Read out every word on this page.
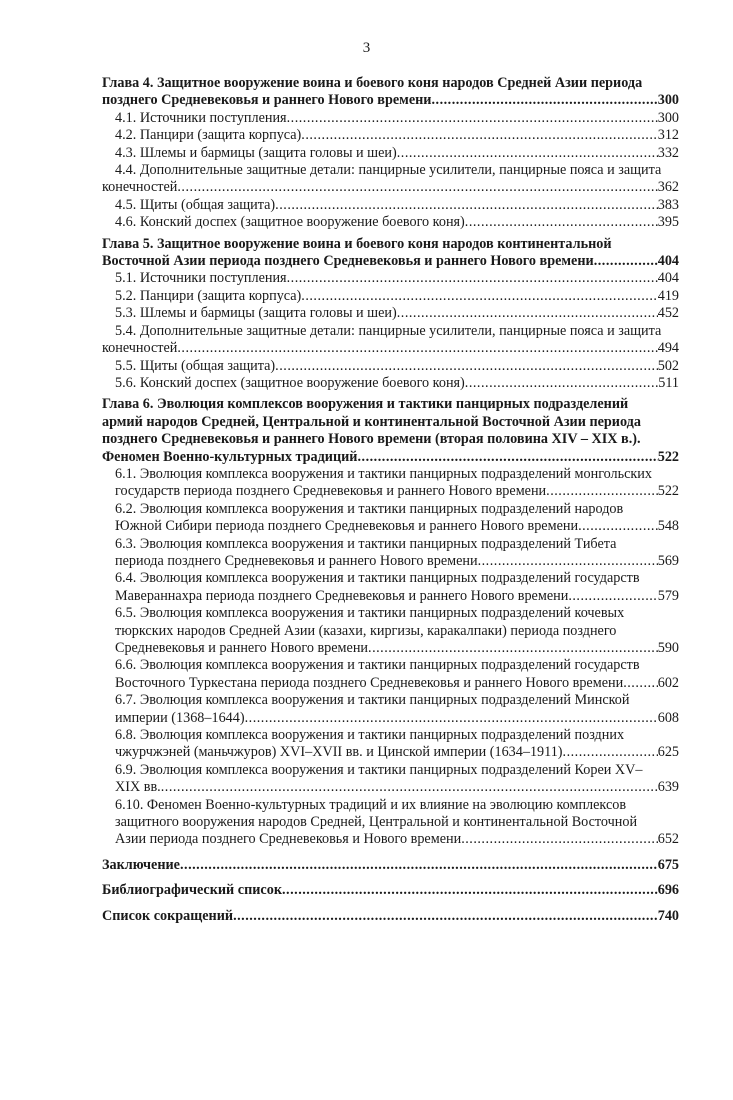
3
Глава 4. Защитное вооружение воина и боевого коня народов Средней Азии периода
позднего Средневековья и раннего Нового времени .....	300
4.1. Источники поступления .....	300
4.2. Панцири (защита корпуса) .....	312
4.3. Шлемы и бармицы (защита головы и шеи) .....	332
4.4. Дополнительные защитные детали: панцирные усилители, панцирные пояса и защита
конечностей .....	362
4.5. Щиты (общая защита) .....	383
4.6. Конский доспех (защитное вооружение боевого коня) .....	395
Глава 5. Защитное вооружение воина и боевого коня народов континентальной
Восточной Азии периода позднего Средневековья и раннего Нового времени .....	404
5.1. Источники поступления .....	404
5.2. Панцири (защита корпуса) .....	419
5.3. Шлемы и бармицы (защита головы и шеи) .....	452
5.4. Дополнительные защитные детали: панцирные усилители, панцирные пояса и защита
конечностей .....	494
5.5. Щиты (общая защита) .....	502
5.6. Конский доспех (защитное вооружение боевого коня) .....	511
Глава 6. Эволюция комплексов вооружения и тактики панцирных подразделений
армий народов Средней, Центральной и континентальной Восточной Азии периода
позднего Средневековья и раннего Нового времени (вторая половина XIV – XIX в.).
Феномен Военно-культурных традиций .....	522
6.1. Эволюция комплекса вооружения и тактики панцирных подразделений монгольских
государств периода позднего Средневековья и раннего Нового времени .....	522
6.2. Эволюция комплекса вооружения и тактики панцирных подразделений народов
Южной Сибири периода позднего Средневековья и раннего Нового времени .....	548
6.3. Эволюция комплекса вооружения и тактики панцирных подразделений Тибета
периода позднего Средневековья и раннего Нового времени .....	569
6.4. Эволюция комплекса вооружения и тактики панцирных подразделений государств
Мавераннахра периода позднего Средневековья и раннего Нового времени .....	579
6.5. Эволюция комплекса вооружения и тактики панцирных подразделений кочевых
тюркских народов Средней Азии (казахи, киргизы, каракалпаки) периода позднего
Средневековья и раннего Нового времени .....	590
6.6. Эволюция комплекса вооружения и тактики панцирных подразделений государств
Восточного Туркестана периода позднего Средневековья и раннего Нового времени ..... 602
6.7. Эволюция комплекса вооружения и тактики панцирных подразделений Минской
империи (1368–1644) .....	608
6.8. Эволюция комплекса вооружения и тактики панцирных подразделений поздних
чжурчжэней (маньчжуров) XVI–XVII вв. и Цинской империи (1634–1911) .....	625
6.9. Эволюция комплекса вооружения и тактики панцирных подразделений Кореи XV–
XIX вв. .....	639
6.10. Феномен Военно-культурных традиций и их влияние на эволюцию комплексов
защитного вооружения народов Средней, Центральной и континентальной Восточной
Азии периода позднего Средневековья и Нового времени .....	652
Заключение .....	675
Библиографический список .....	696
Список сокращений .....	740
